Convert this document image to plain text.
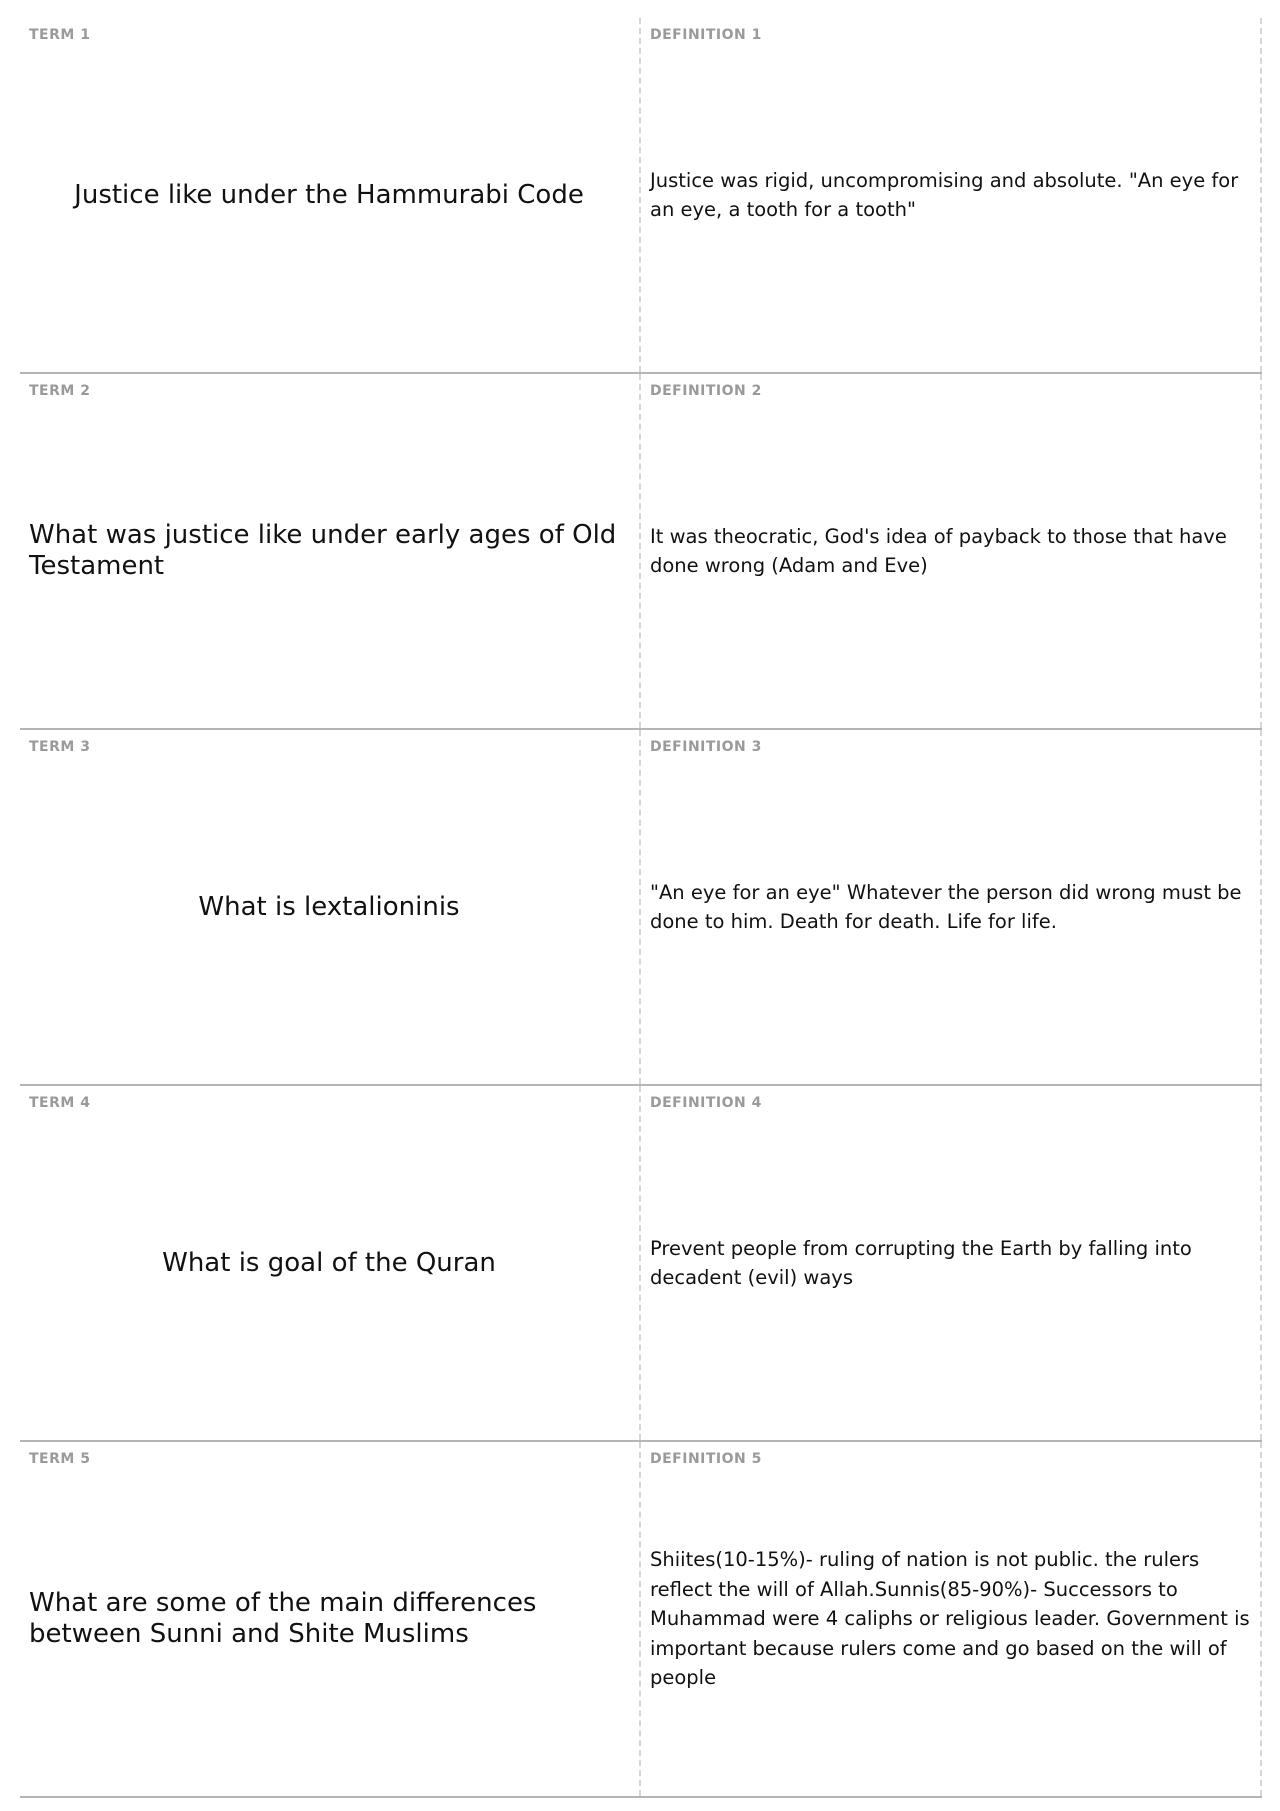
TERM 1
Justice like under the Hammurabi Code
DEFINITION 1
Justice was rigid, uncompromising and absolute. "An eye for an eye, a tooth for a tooth"
TERM 2
What was justice like under early ages of Old Testament
DEFINITION 2
It was theocratic, God's idea of payback to those that have done wrong (Adam and Eve)
TERM 3
What is lextalioninis
DEFINITION 3
"An eye for an eye" Whatever the person did wrong must be done to him. Death for death. Life for life.
TERM 4
What is goal of the Quran
DEFINITION 4
Prevent people from corrupting the Earth by falling into decadent (evil) ways
TERM 5
What are some of the main differences between Sunni and Shite Muslims
DEFINITION 5
Shiites(10-15%)- ruling of nation is not public. the rulers reflect the will of Allah.Sunnis(85-90%)- Successors to Muhammad were 4 caliphs or religious leader. Government is important because rulers come and go based on the will of people
